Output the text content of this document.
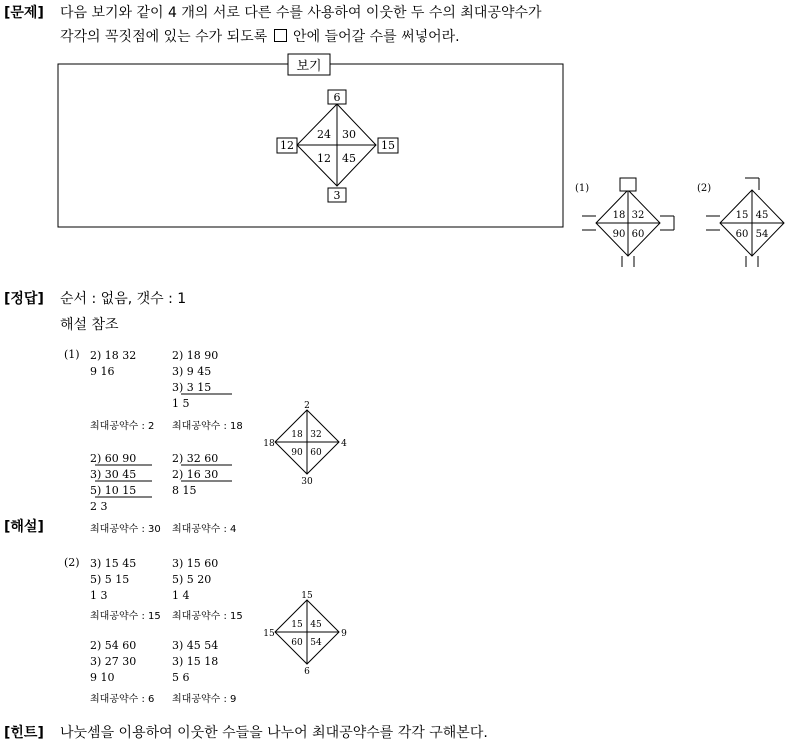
[문제] 다음 보기와 같이 4 개의 서로 다른 수를 사용하여 이웃한 두 수의 최대공약수가
각각의 꼭짓점에 있는 수가 되도록 안에 들어갈 수를 써넣어라.
보기
6
12	15
3
24 30
12 45
(1)
18 32
90 60
(2)
15 45
60 54
2
18	4
30
18 32
90 60
15
15	9
6
15 45
60 54
[정답] 순서 : 없음, 갯수 : 1
해설 참조
(1) 2) 18 32
9 16
2) 18 90
3) 9 45
3) 3 15
1 5
최대공약수 : 2 최대공약수 : 18
2) 60 90
3) 30 45
5) 10 15
2 3
2) 32 60
2) 16 30
8 15
[해설]	최대공약수 : 30 최대공약수 : 4
(2) 3) 15 45
5) 5 15
1 3
3) 15 60
5) 5 20
1 4
최대공약수 : 15 최대공약수 : 15
2) 54 60
3) 27 30
9 10
3) 45 54
3) 15 18
5 6
최대공약수 : 6 최대공약수 : 9
[힌트] 나눗셈을 이용하여 이웃한 수들을 나누어 최대공약수를 각각 구해본다.
